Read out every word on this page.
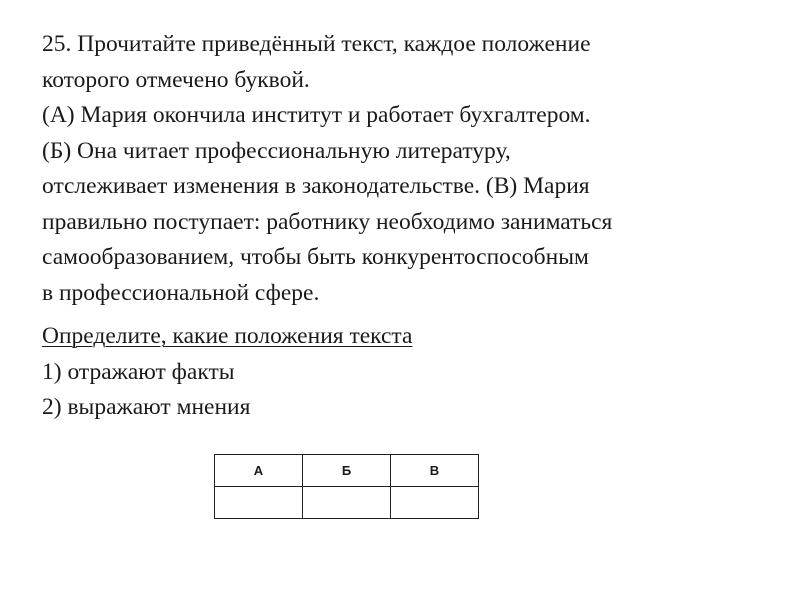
25. Прочитайте приведённый текст, каждое положение

которого отмечено буквой.

(А) Мария окончила институт и работает бухгалтером.

(Б) Она читает профессиональную литературу,

отслеживает изменения в законодательстве. (В) Мария

правильно поступает: работнику необходимо заниматься

самообразованием, чтобы быть конкурентоспособным

в профессиональной сфере.

Определите, какие положения текста

1) отражают факты

2) выражают мнения

А	Б	В
